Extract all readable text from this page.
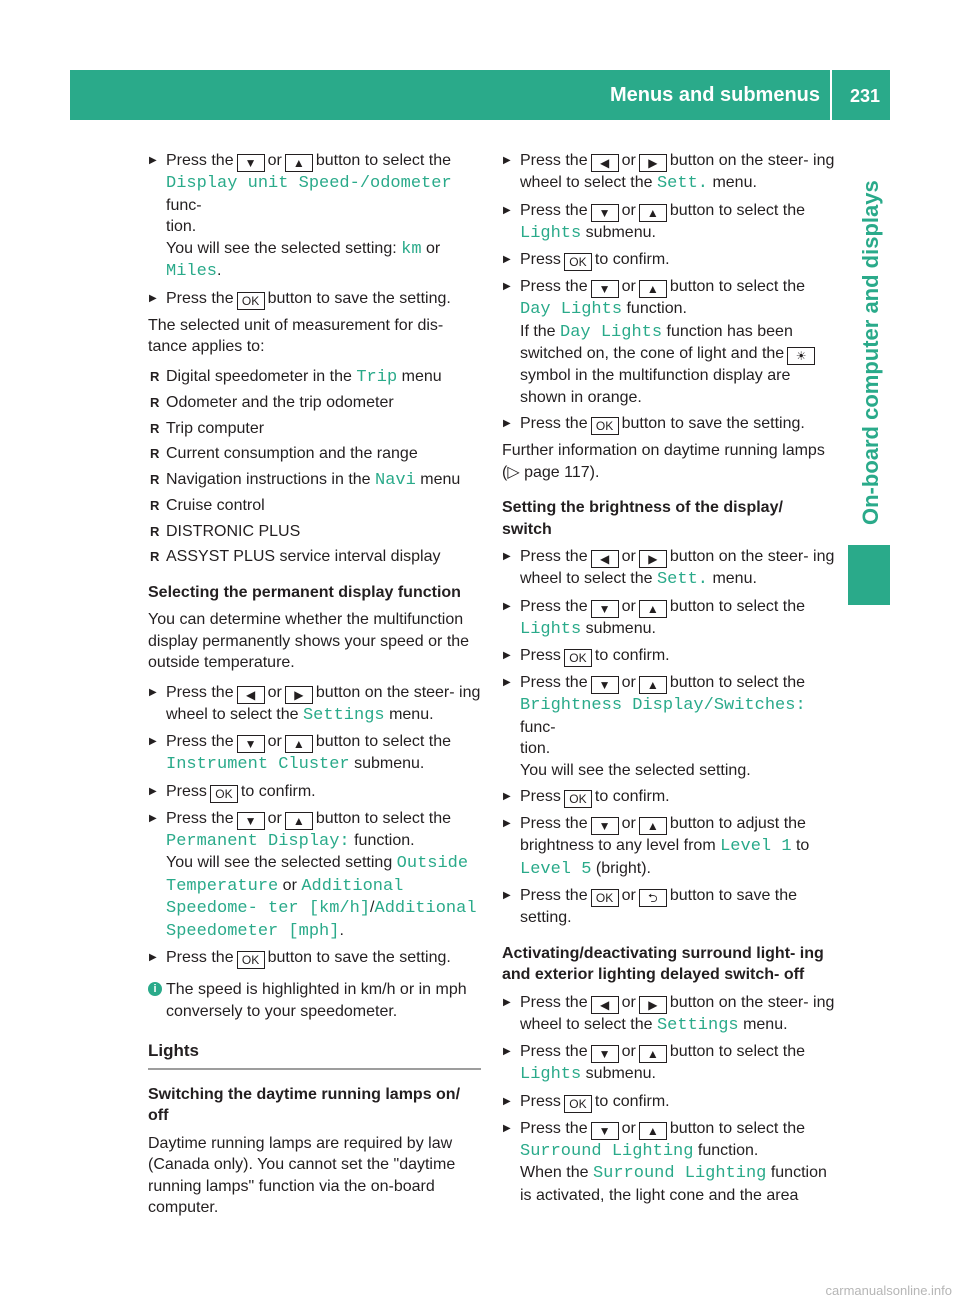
Menus and submenus 231
On-board computer and displays
▶ Press the ▼ or ▲ button to select the Display unit Speed-/odometer func-
tion.
You will see the selected setting: km or Miles.
▶ Press the OK button to save the setting.

The selected unit of measurement for dis- tance applies to:

R Digital speedometer in the Trip menu
R Odometer and the trip odometer
R Trip computer
R Current consumption and the range
R Navigation instructions in the Navi menu
R Cruise control
R DISTRONIC PLUS
R ASSYST PLUS service interval display
Selecting the permanent display function

You can determine whether the multifunction display permanently shows your speed or the outside temperature.

▶ Press the ◀ or ▶ button on the steer- ing wheel to select the Settings menu.
▶ Press the ▼ or ▲ button to select the Instrument Cluster submenu.
▶ Press OK to confirm.
▶ Press the ▼ or ▲ button to select the Permanent Display: function.
You will see the selected setting Outside Temperature or Additional Speedome- ter [km/h]/Additional Speedometer [mph].
▶ Press the OK button to save the setting.
i The speed is highlighted in km/h or in mph conversely to your speedometer.
Lights
Switching the daytime running lamps on/ off

Daytime running lamps are required by law (Canada only). You cannot set the "daytime running lamps" function via the on-board computer.

▶ Press the ◀ or ▶ button on the steer- ing wheel to select the Sett. menu.
▶ Press the ▼ or ▲ button to select the Lights submenu.
▶ Press OK to confirm.
▶ Press the ▼ or ▲ button to select the Day Lights function.
If the Day Lights function has been switched on, the cone of light and the ☀ symbol in the multifunction display are shown in orange.
▶ Press the OK button to save the setting.

Further information on daytime running lamps (▷ page 117).

Setting the brightness of the display/ switch
▶ Press the ◀ or ▶ button on the steer- ing wheel to select the Sett. menu.
▶ Press the ▼ or ▲ button to select the Lights submenu.
▶ Press OK to confirm.
▶ Press the ▼ or ▲ button to select the Brightness Display/Switches: func-
tion.
You will see the selected setting.
▶ Press OK to confirm.
▶ Press the ▼ or ▲ button to adjust the brightness to any level from Level 1 to Level 5 (bright).
▶ Press the OK or ⮌ button to save the setting.
Activating/deactivating surround light- ing and exterior lighting delayed switch- off
▶ Press the ◀ or ▶ button on the steer- ing wheel to select the Settings menu.
▶ Press the ▼ or ▲ button to select the Lights submenu.
▶ Press OK to confirm.
▶ Press the ▼ or ▲ button to select the Surround Lighting function.
When the Surround Lighting function is activated, the light cone and the area
carmanualsonline.info
